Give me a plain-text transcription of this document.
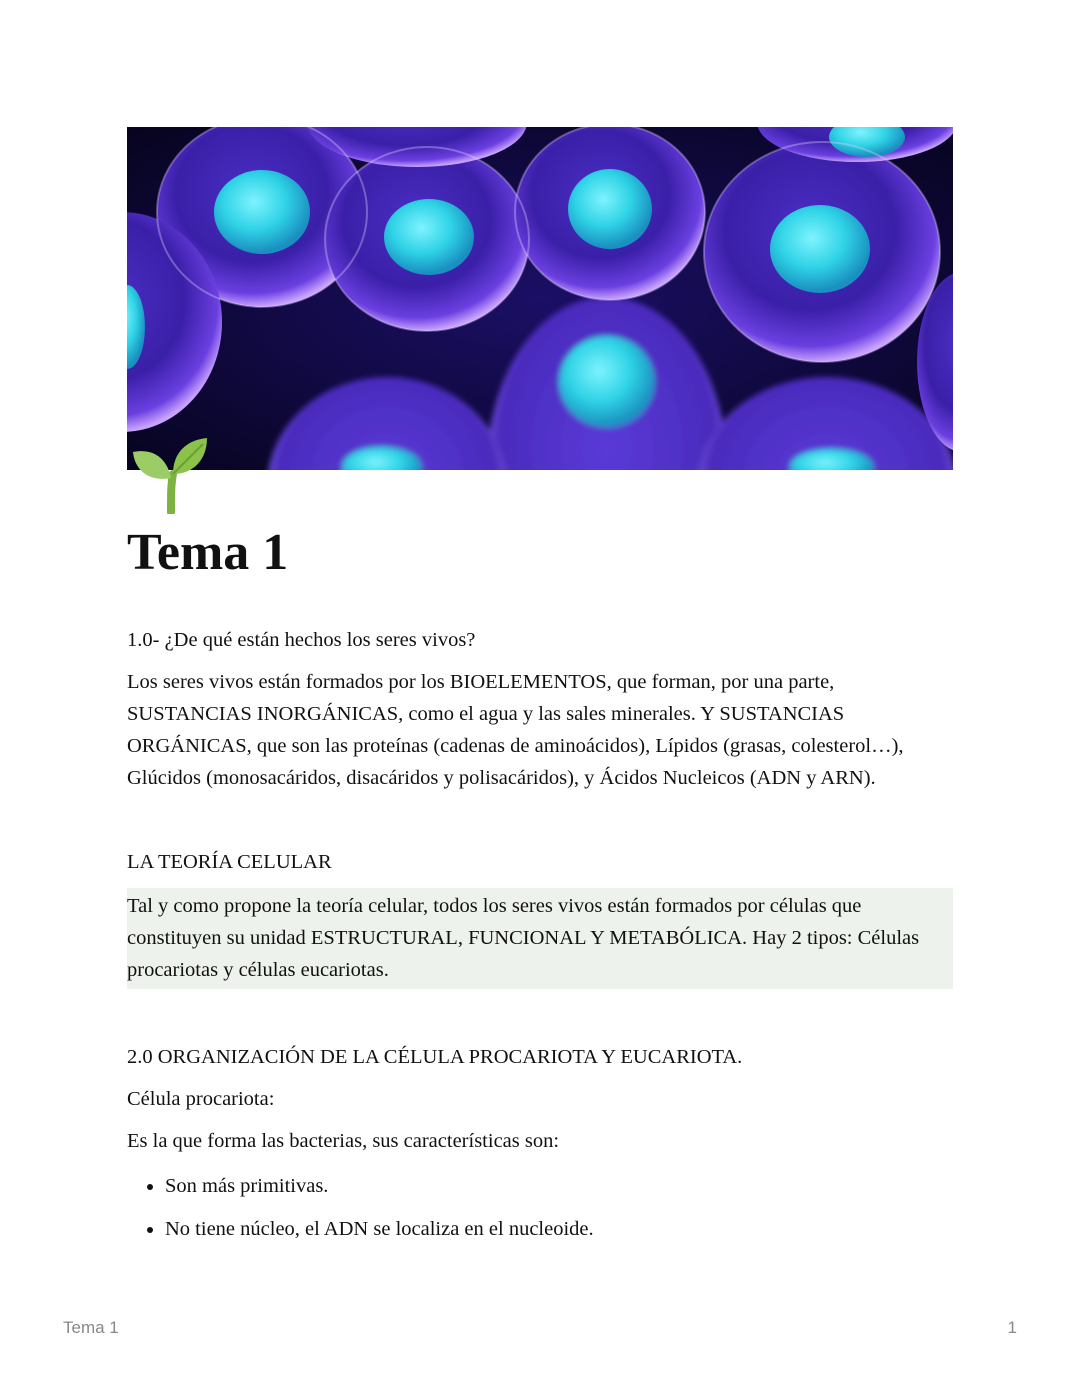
Tema 1

1.0- ¿De qué están hechos los seres vivos?

Los seres vivos están formados por los BIOELEMENTOS, que forman, por una parte, SUSTANCIAS INORGÁNICAS, como el agua y las sales minerales. Y SUSTANCIAS ORGÁNICAS, que son las proteínas (cadenas de aminoácidos), Lípidos (grasas, colesterol…), Glúcidos (monosacáridos, disacáridos y polisacáridos), y Ácidos Nucleicos (ADN y ARN).

LA TEORÍA CELULAR

Tal y como propone la teoría celular, todos los seres vivos están formados por células que constituyen su unidad ESTRUCTURAL, FUNCIONAL Y METABÓLICA. Hay 2 tipos: Células procariotas y células eucariotas.

2.0 ORGANIZACIÓN DE LA CÉLULA PROCARIOTA Y EUCARIOTA.

Célula procariota:

Es la que forma las bacterias, sus características son:

• Son más primitivas.
• No tiene núcleo, el ADN se localiza en el nucleoide.
Tema 1	1
